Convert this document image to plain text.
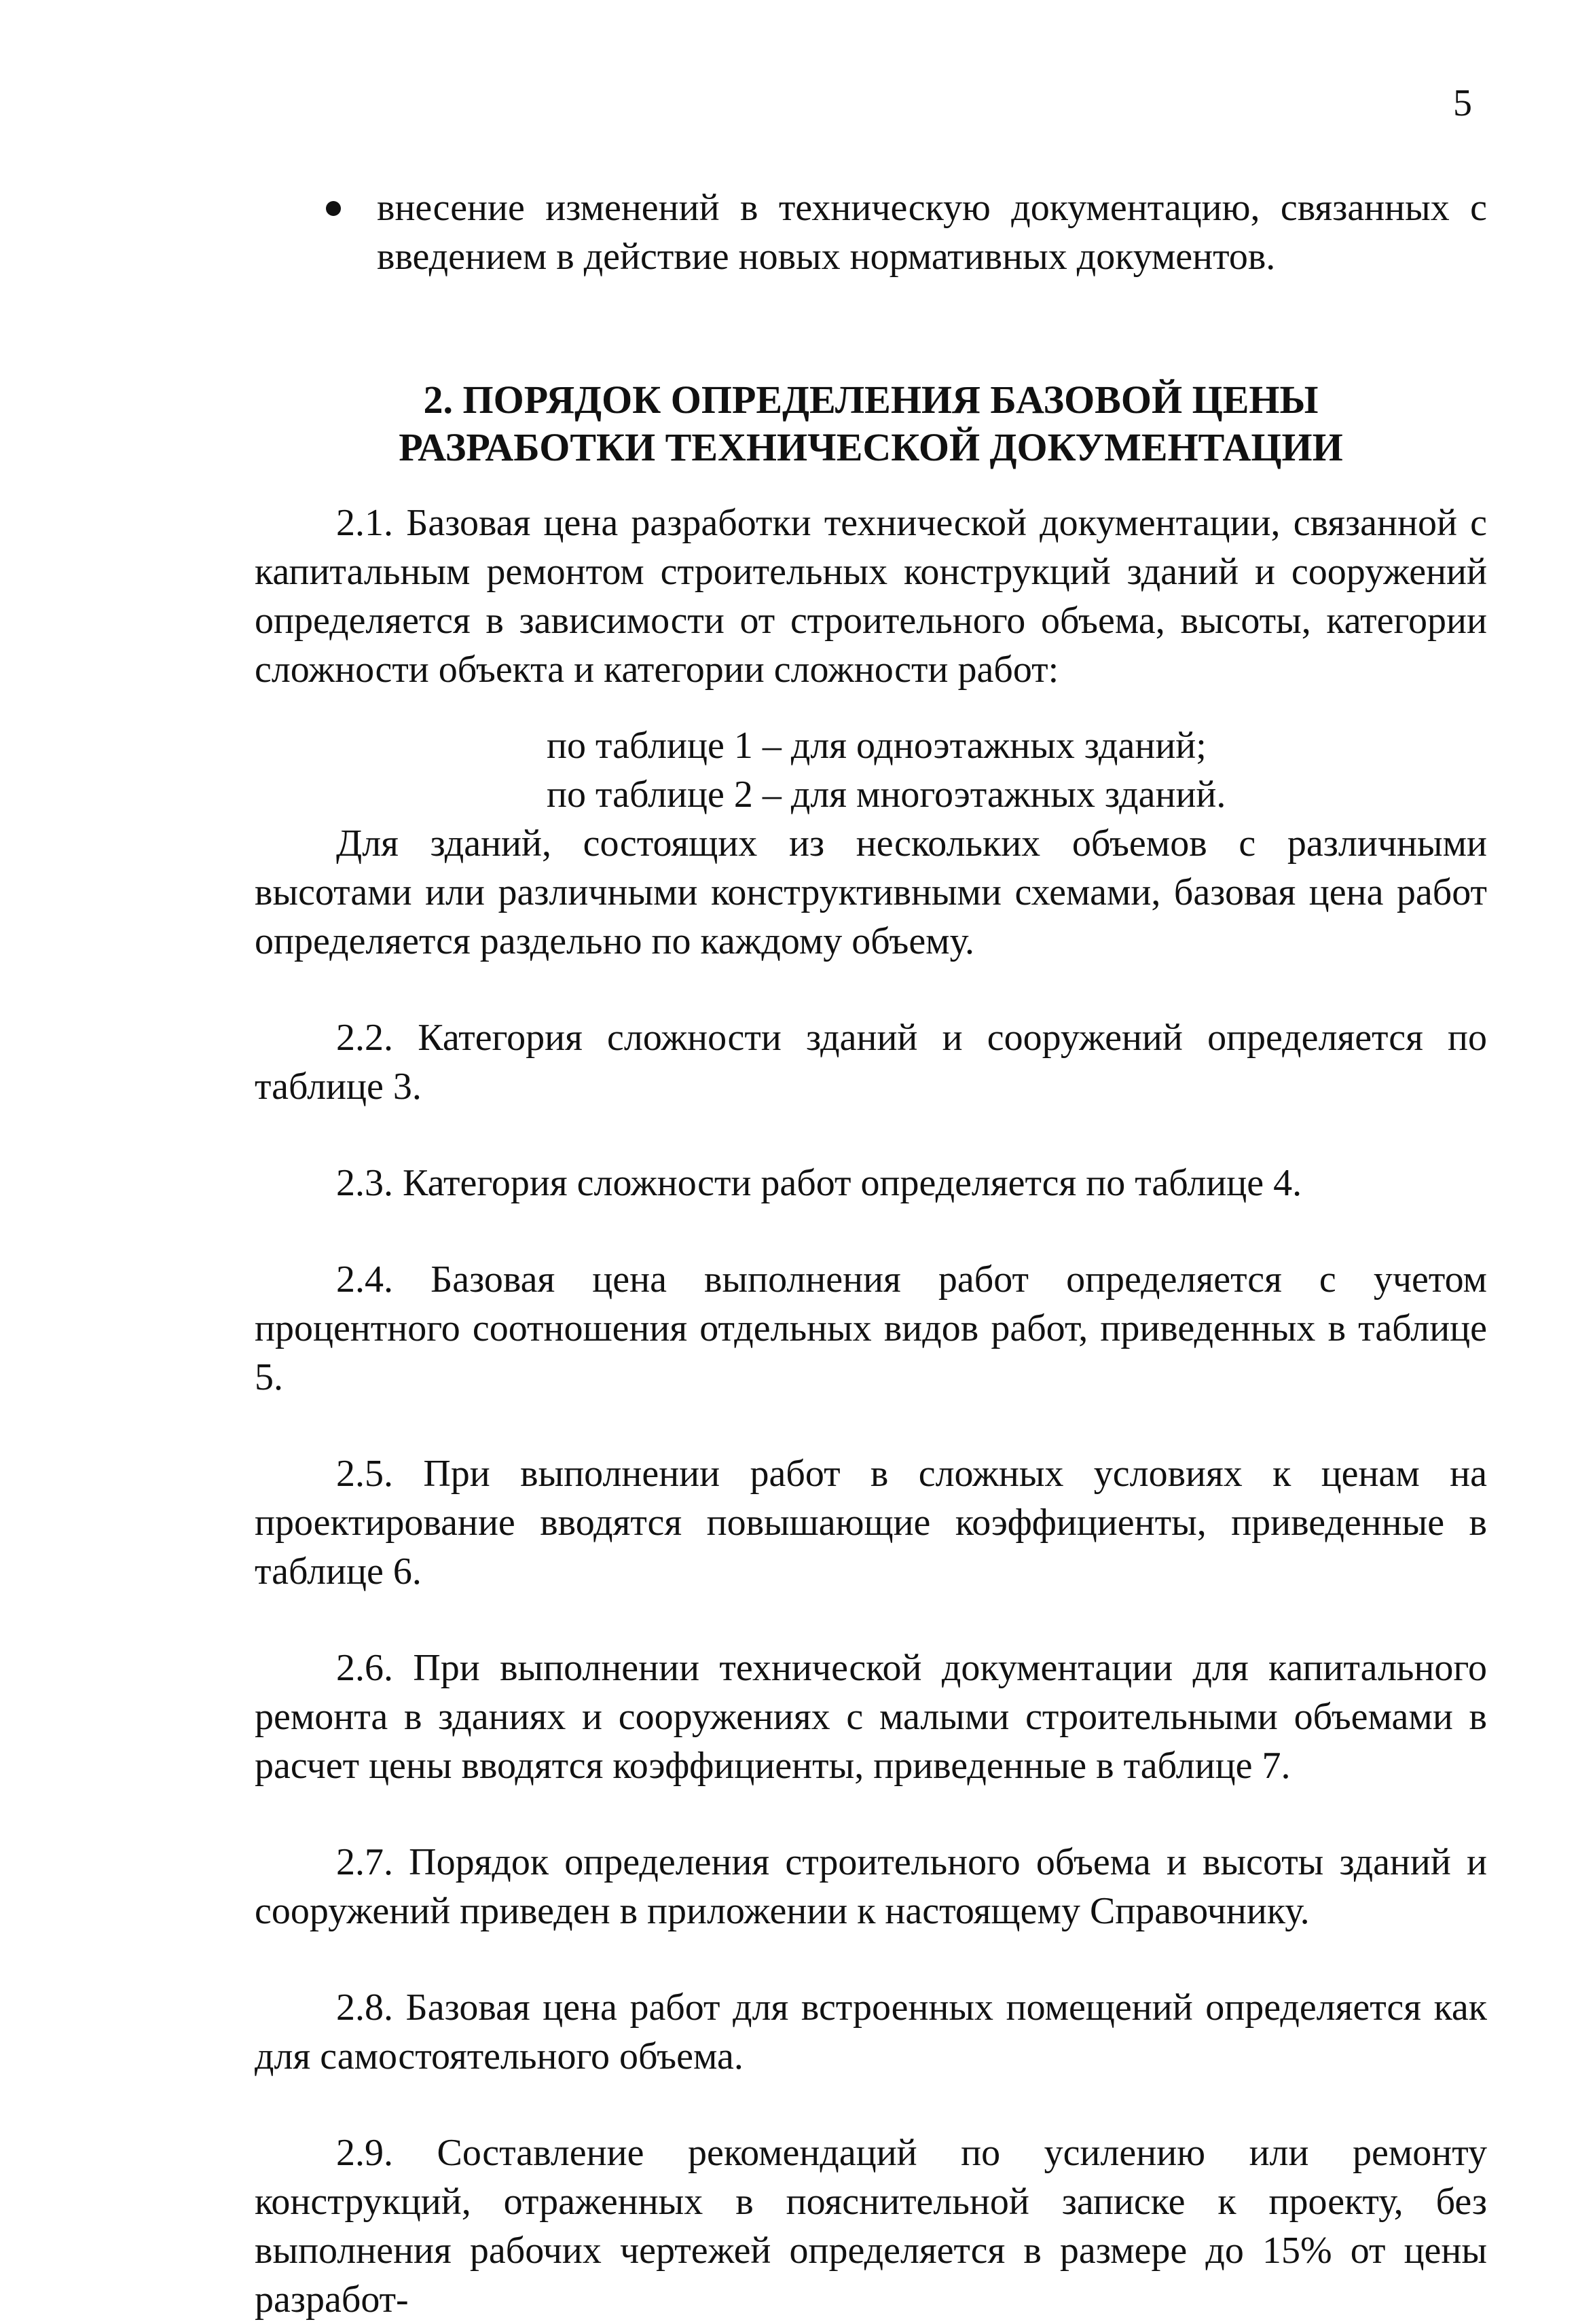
5

внесение изменений в техническую документацию, связанных с введением в действие новых нормативных документов.

2. ПОРЯДОК ОПРЕДЕЛЕНИЯ БАЗОВОЙ ЦЕНЫ
РАЗРАБОТКИ ТЕХНИЧЕСКОЙ ДОКУМЕНТАЦИИ

2.1. Базовая цена разработки технической документации, связанной с капитальным ремонтом строительных конструкций зданий и сооружений определяется в зависимости от строительного объема, высоты, категории сложности объекта и категории сложности работ:

по таблице 1 – для одноэтажных зданий;
по таблице 2 – для многоэтажных зданий.

Для зданий, состоящих из нескольких объемов с различными высотами или различными конструктивными схемами, базовая цена работ определяется раздельно по каждому объему.

2.2. Категория сложности зданий и сооружений определяется по таблице 3.

2.3. Категория сложности работ определяется по таблице 4.

2.4. Базовая цена выполнения работ определяется с учетом процентного соотношения отдельных видов работ, приведенных в таблице 5.

2.5. При выполнении работ в сложных условиях к ценам на проектирование вводятся повышающие коэффициенты, приведенные в таблице 6.

2.6. При выполнении технической документации для капитального ремонта в зданиях и сооружениях с малыми строительными объемами в расчет цены вводятся коэффициенты, приведенные в таблице 7.

2.7. Порядок определения строительного объема и высоты зданий и сооружений приведен в приложении к настоящему Справочнику.

2.8. Базовая цена работ для встроенных помещений определяется как для самостоятельного объема.

2.9. Составление рекомендаций по усилению или ремонту конструкций, отраженных в пояснительной записке к проекту, без выполнения рабочих чертежей определяется в размере до 15% от цены разработ-
